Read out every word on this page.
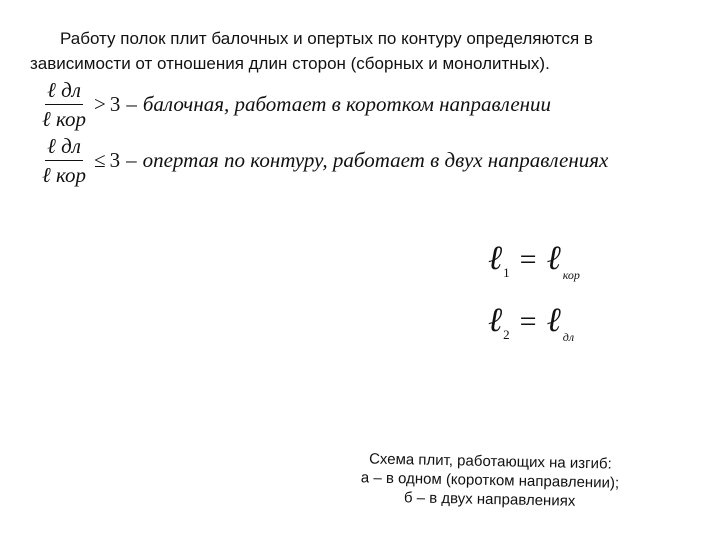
Работу полок плит балочных и опертых по контуру определяются в
зависимости от отношения длин сторон (сборных и монолитных).

$\frac{\text{ℓ дл}}{\text{ℓ кор}} > 3$ – балочная, работает в коротком направлении
$\frac{\text{ℓ дл}}{\text{ℓ кор}} \le 3$ – опертая по контуру, работает в двух направлениях
ℓ 1 = ℓ кор
ℓ 2 = ℓ дл
Схема плит, работающих на изгиб:
а – в одном (коротком направлении);
б – в двух направлениях
